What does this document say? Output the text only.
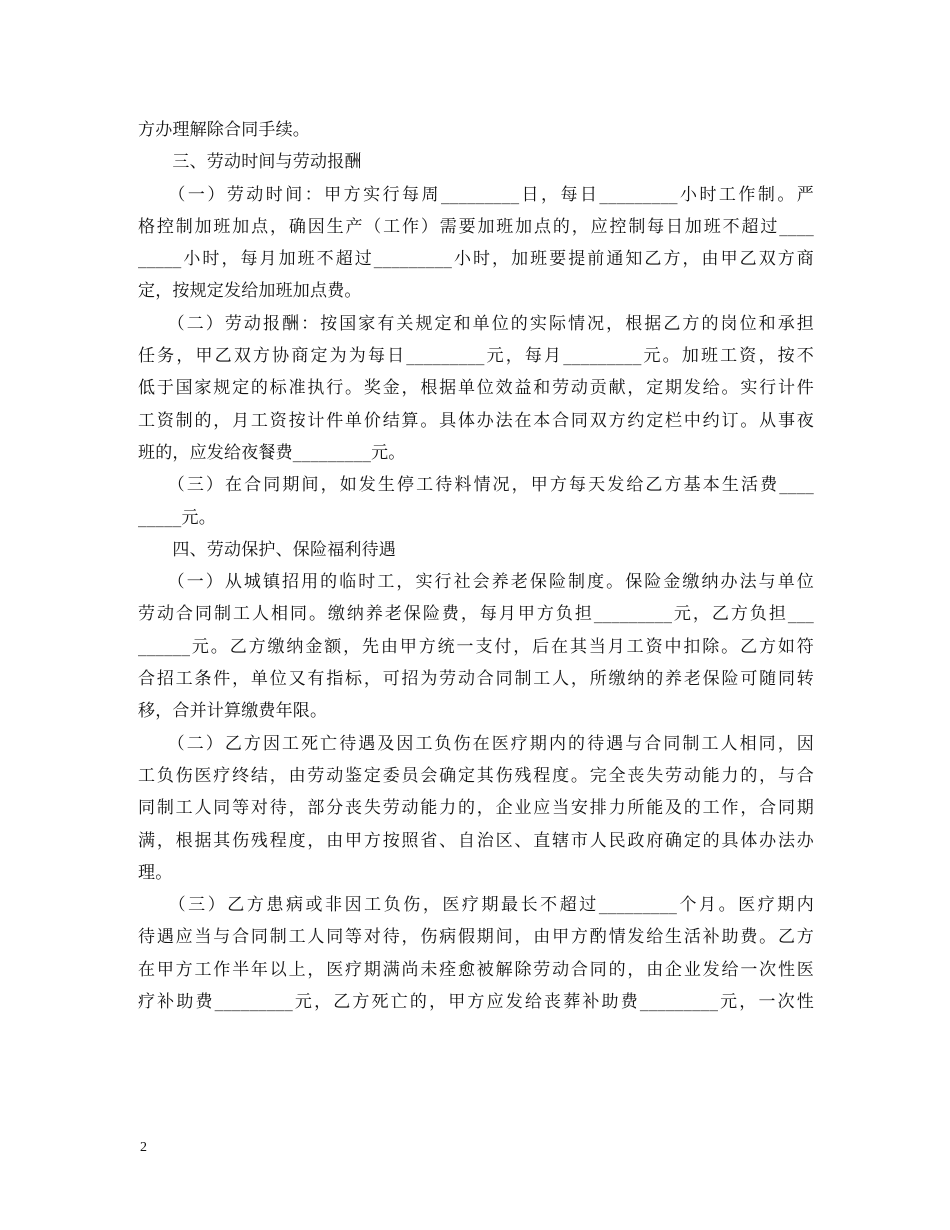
方办理解除合同手续。
　　三、劳动时间与劳动报酬
　　（一）劳动时间：甲方实行每周_________日，每日_________小时工作制。严
格控制加班加点，确因生产（工作）需要加班加点的，应控制每日加班不超过____
_____小时，每月加班不超过_________小时，加班要提前通知乙方，由甲乙双方商
定，按规定发给加班加点费。
　　（二）劳动报酬：按国家有关规定和单位的实际情况，根据乙方的岗位和承担
任务，甲乙双方协商定为为每日_________元，每月_________元。加班工资，按不
低于国家规定的标准执行。奖金，根据单位效益和劳动贡献，定期发给。实行计件
工资制的，月工资按计件单价结算。具体办法在本合同双方约定栏中约订。从事夜
班的，应发给夜餐费_________元。
　　（三）在合同期间，如发生停工待料情况，甲方每天发给乙方基本生活费____
_____元。
　　四、劳动保护、保险福利待遇
　　（一）从城镇招用的临时工，实行社会养老保险制度。保险金缴纳办法与单位
劳动合同制工人相同。缴纳养老保险费，每月甲方负担_________元，乙方负担___
______元。乙方缴纳金额，先由甲方统一支付，后在其当月工资中扣除。乙方如符
合招工条件，单位又有指标，可招为劳动合同制工人，所缴纳的养老保险可随同转
移，合并计算缴费年限。
　　（二）乙方因工死亡待遇及因工负伤在医疗期内的待遇与合同制工人相同，因
工负伤医疗终结，由劳动鉴定委员会确定其伤残程度。完全丧失劳动能力的，与合
同制工人同等对待，部分丧失劳动能力的，企业应当安排力所能及的工作，合同期
满，根据其伤残程度，由甲方按照省、自治区、直辖市人民政府确定的具体办法办
理。
　　（三）乙方患病或非因工负伤，医疗期最长不超过_________个月。医疗期内
待遇应当与合同制工人同等对待，伤病假期间，由甲方酌情发给生活补助费。乙方
在甲方工作半年以上，医疗期满尚未痊愈被解除劳动合同的，由企业发给一次性医
疗补助费_________元，乙方死亡的，甲方应发给丧葬补助费_________元，一次性
2
